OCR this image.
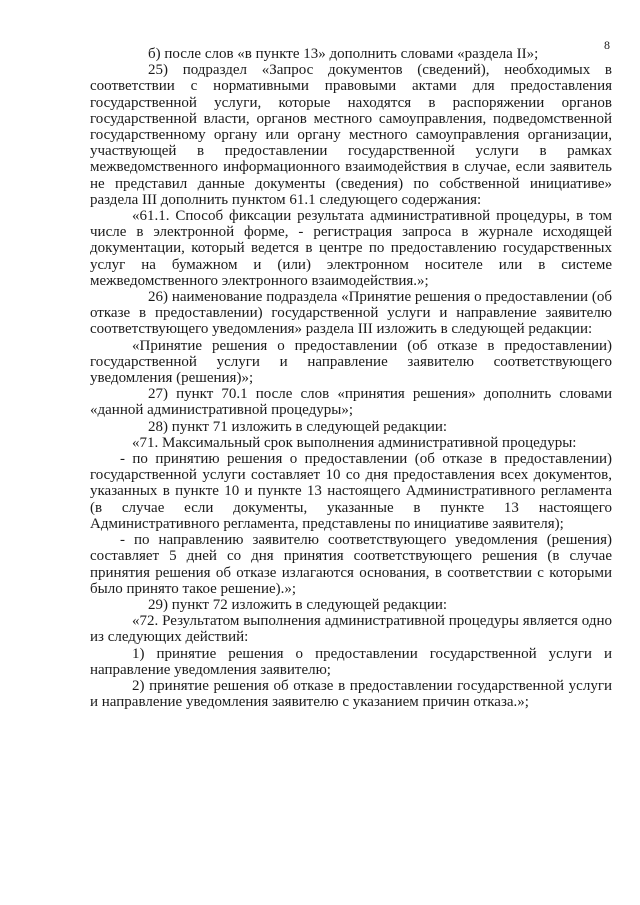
8

б) после слов «в пункте 13» дополнить словами «раздела II»;

25) подраздел «Запрос документов (сведений), необходимых в соответствии с нормативными правовыми актами для предоставления государственной услуги, которые находятся в распоряжении органов государственной власти, органов местного самоуправления, подведомственной государственному органу или органу местного самоуправления организации, участвующей в предоставлении государственной услуги в рамках межведомственного информационного взаимодействия в случае, если заявитель не представил данные документы (сведения) по собственной инициативе» раздела III дополнить пунктом 61.1 следующего содержания:

«61.1. Способ фиксации результата административной процедуры, в том числе в электронной форме, - регистрация запроса в журнале исходящей документации, который ведется в центре по предоставлению государственных услуг на бумажном и (или) электронном носителе или в системе межведомственного электронного взаимодействия.»;

26) наименование подраздела «Принятие решения о предоставлении (об отказе в предоставлении) государственной услуги и направление заявителю соответствующего уведомления» раздела III изложить в следующей редакции:

«Принятие решения о предоставлении (об отказе в предоставлении) государственной услуги и направление заявителю соответствующего уведомления (решения)»;

27) пункт 70.1 после слов «принятия решения» дополнить словами «данной административной процедуры»;

28) пункт 71 изложить в следующей редакции:

«71. Максимальный срок выполнения административной процедуры:

- по принятию решения о предоставлении (об отказе в предоставлении) государственной услуги составляет 10 со дня предоставления всех документов, указанных в пункте 10 и пункте 13 настоящего Административного регламента (в случае если документы, указанные в пункте 13 настоящего Административного регламента, представлены по инициативе заявителя);

- по направлению заявителю соответствующего уведомления (решения) составляет 5 дней со дня принятия соответствующего решения (в случае принятия решения об отказе излагаются основания, в соответствии с которыми было принято такое решение).»;

29) пункт 72 изложить в следующей редакции:

«72. Результатом выполнения административной процедуры является одно из следующих действий:

1) принятие решения о предоставлении государственной услуги и направление уведомления заявителю;

2) принятие решения об отказе в предоставлении государственной услуги и направление уведомления заявителю с указанием причин отказа.»;
